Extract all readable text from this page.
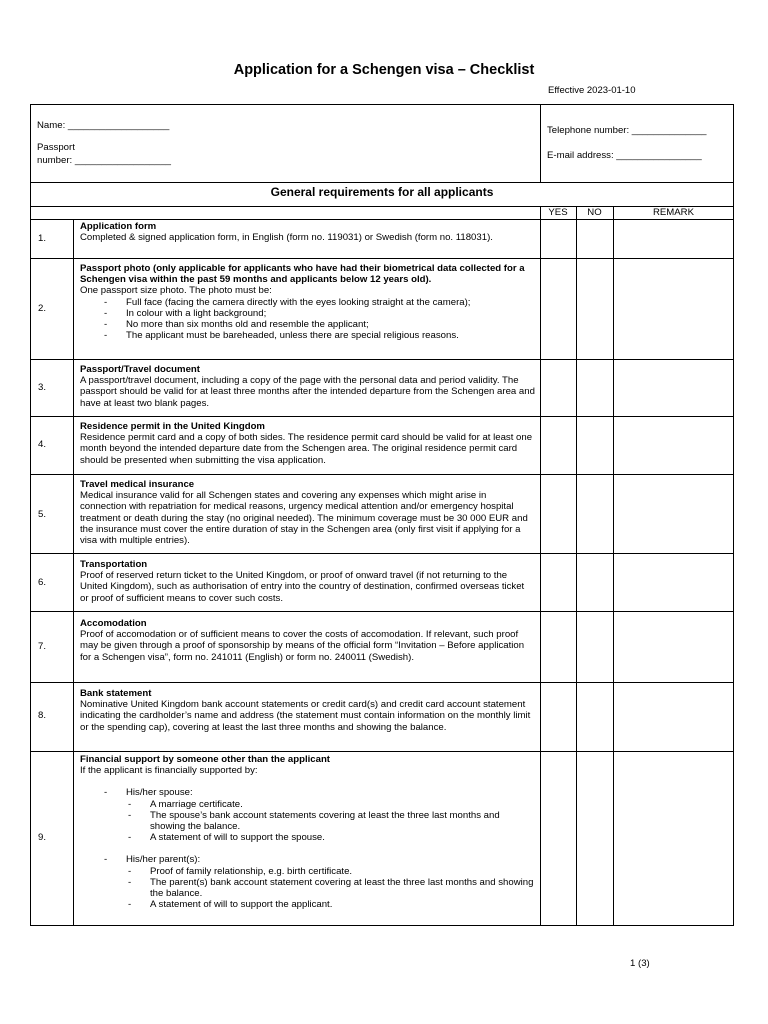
Application for a Schengen visa – Checklist
Effective 2023-01-10
Name: ___________________
Passport
number: __________________
Telephone number: ______________
E-mail address: ________________
General requirements for all applicants
YES	NO	REMARK
1.
Application form
Completed & signed application form, in English (form no. 119031) or Swedish (form no. 118031).
2.
Passport photo (only applicable for applicants who have had their biometrical data collected for a Schengen visa within the past 59 months and applicants below 12 years old).
One passport size photo. The photo must be:
- Full face (facing the camera directly with the eyes looking straight at the camera);
- In colour with a light background;
- No more than six months old and resemble the applicant;
- The applicant must be bareheaded, unless there are special religious reasons.
3.
Passport/Travel document
A passport/travel document, including a copy of the page with the personal data and period validity. The passport should be valid for at least three months after the intended departure from the Schengen area and have at least two blank pages.
4.
Residence permit in the United Kingdom
Residence permit card and a copy of both sides. The residence permit card should be valid for at least one month beyond the intended departure date from the Schengen area. The original residence permit card should be presented when submitting the visa application.
5.
Travel medical insurance
Medical insurance valid for all Schengen states and covering any expenses which might arise in connection with repatriation for medical reasons, urgency medical attention and/or emergency hospital treatment or death during the stay (no original needed). The minimum coverage must be 30 000 EUR and the insurance must cover the entire duration of stay in the Schengen area (only first visit if applying for a visa with multiple entries).
6.
Transportation
Proof of reserved return ticket to the United Kingdom, or proof of onward travel (if not returning to the United Kingdom), such as authorisation of entry into the country of destination, confirmed overseas ticket or proof of sufficient means to cover such costs.
7.
Accomodation
Proof of accomodation or of sufficient means to cover the costs of accomodation. If relevant, such proof may be given through a proof of sponsorship by means of the official form “Invitation – Before application for a Schengen visa”, form no. 241011 (English) or form no. 240011 (Swedish).
8.
Bank statement
Nominative United Kingdom bank account statements or credit card(s) and credit card account statement indicating the cardholder’s name and address (the statement must contain information on the monthly limit or the spending cap), covering at least the last three months and showing the balance.
9.
Financial support by someone other than the applicant
If the applicant is financially supported by:
- His/her spouse:
- A marriage certificate.
- The spouse’s bank account statements covering at least the three last months and showing the balance.
- A statement of will to support the spouse.
- His/her parent(s):
- Proof of family relationship, e.g. birth certificate.
- The parent(s) bank account statement covering at least the three last months and showing the balance.
- A statement of will to support the applicant.
1 (3)
